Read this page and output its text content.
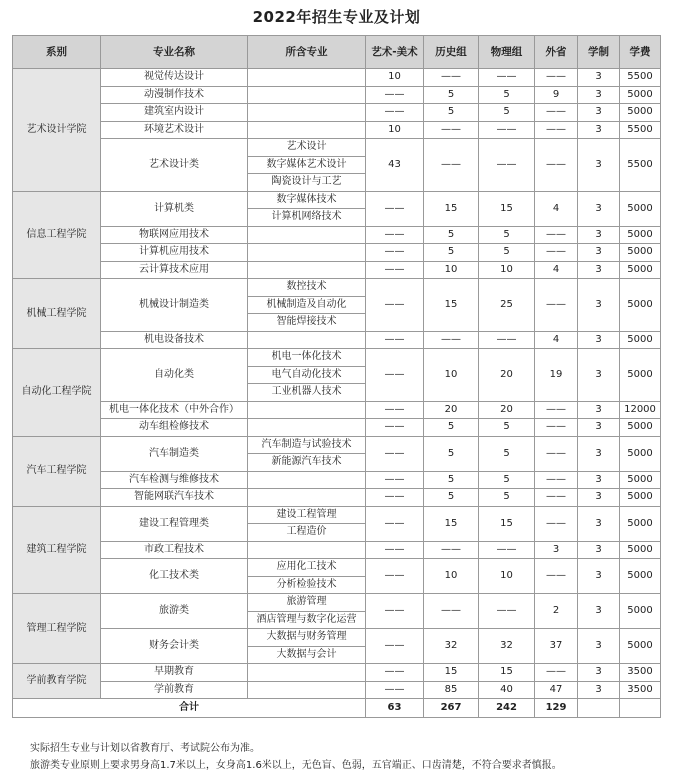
2022年招生专业及计划
系别	专业名称	所含专业	艺术-美术	历史组	物理组	外省	学制	学费
艺术设计学院	视觉传达设计		10	——	——	——	3	5500
	动漫制作技术		——	5	5	9	3	5000
	建筑室内设计		——	5	5	——	3	5000
	环境艺术设计		10	——	——	——	3	5500
	艺术设计类	艺术设计	43	——	——	——	3	5500
		数字媒体艺术设计						
		陶瓷设计与工艺						
信息工程学院	计算机类	数字媒体技术	——	15	15	4	3	5000
		计算机网络技术						
	物联网应用技术		——	5	5	——	3	5000
	计算机应用技术		——	5	5	——	3	5000
	云计算技术应用		——	10	10	4	3	5000
机械工程学院	机械设计制造类	数控技术	——	15	25	——	3	5000
		机械制造及自动化						
		智能焊接技术						
	机电设备技术		——	——	——	4	3	5000
自动化工程学院	自动化类	机电一体化技术	——	10	20	19	3	5000
		电气自动化技术						
		工业机器人技术						
	机电一体化技术（中外合作）		——	20	20	——	3	12000
	动车组检修技术		——	5	5	——	3	5000
汽车工程学院	汽车制造类	汽车制造与试验技术	——	5	5	——	3	5000
		新能源汽车技术						
	汽车检测与维修技术		——	5	5	——	3	5000
	智能网联汽车技术		——	5	5	——	3	5000
建筑工程学院	建设工程管理类	建设工程管理	——	15	15	——	3	5000
		工程造价						
	市政工程技术		——	——	——	3	3	5000
	化工技术类	应用化工技术	——	10	10	——	3	5000
		分析检验技术						
管理工程学院	旅游类	旅游管理	——	——	——	2	3	5000
		酒店管理与数字化运营						
	财务会计类	大数据与财务管理	——	32	32	37	3	5000
		大数据与会计						
学前教育学院	早期教育		——	15	15	——	3	3500
	学前教育		——	85	40	47	3	3500
合计			63	267	242	129		
实际招生专业与计划以省教育厅、考试院公布为准。
旅游类专业原则上要求男身高1.7米以上，女身高1.6米以上，无色盲、色弱，五官端正、口齿清楚，不符合要求者慎报。
